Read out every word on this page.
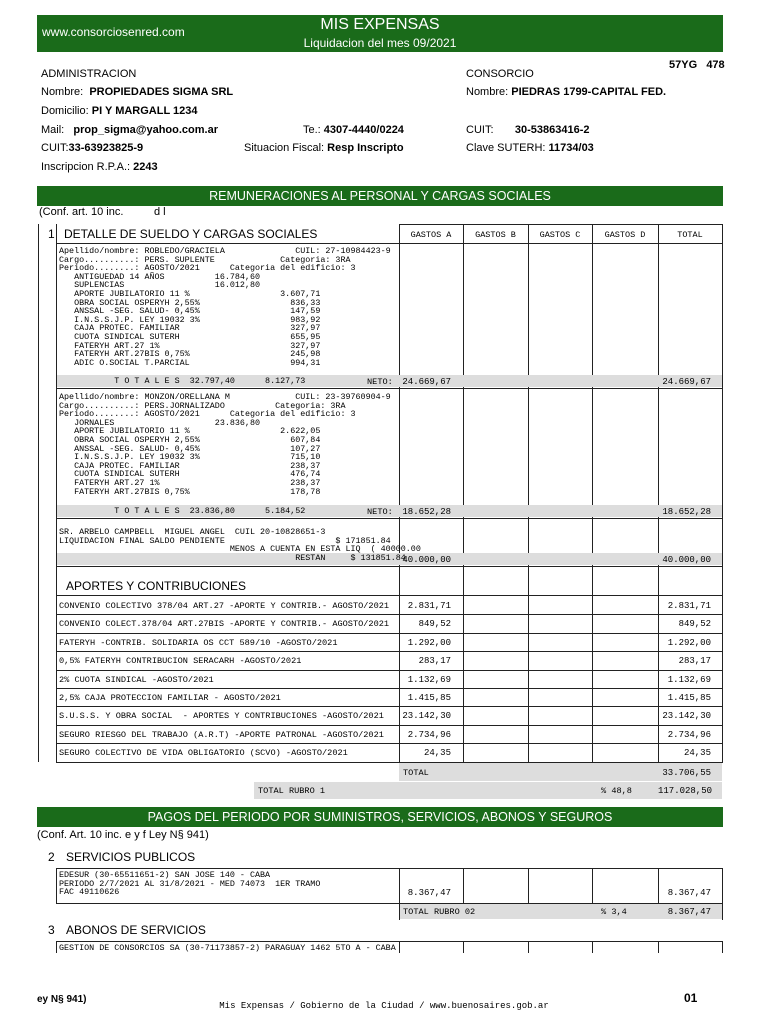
www.consorciosenred.com	MIS EXPENSAS
Liquidacion del mes 09/2021
57YG 478
ADMINISTRACION
Nombre: PROPIEDADES SIGMA SRL
Domicilio: PI Y MARGALL 1234
Mail: prop_sigma@yahoo.com.ar	Te.: 4307-4440/0224
CUIT:33-63923825-9	Situacion Fiscal: Resp Inscripto
Inscripcion R.P.A.: 2243
CONSORCIO
Nombre: PIEDRAS 1799-CAPITAL FED.
CUIT: 30-53863416-2
Clave SUTERH: 11734/03
REMUNERACIONES AL PERSONAL Y CARGAS SOCIALES
(Conf. art. 10 inc.	d l
1 DETALLE DE SUELDO Y CARGAS SOCIALES	GASTOS A	GASTOS B	GASTOS C	GASTOS D	TOTAL
Apellido/nombre: ROBLEDO/GRACIELA              CUIL: 27-10984423-9
Cargo..........: PERS. SUPLENTE             Categoria: 3RA
Periodo........: AGOSTO/2021      Categoria del edificio: 3
ANTIGUEDAD 14 AÑOS          16.784,60
SUPLENCIAS                  16.012,80
APORTE JUBILATORIO 11 %                  3.607,71
OBRA SOCIAL OSPERYH 2,55%                  836,33
ANSSAL -SEG. SALUD- 0,45%                  147,59
I.N.S.S.J.P. LEY 19032 3%                  983,92
CAJA PROTEC. FAMILIAR                      327,97
CUOTA SINDICAL SUTERH                      655,95
FATERYH ART.27 1%                          327,97
FATERYH ART.27BIS 0,75%                    245,98
ADIC O.SOCIAL T.PARCIAL                    994,31
T O T A L E S  32.797,40      8.127,73	NETO:	24.669,67	24.669,67
Apellido/nombre: MONZON/ORELLANA M             CUIL: 23-39760904-9
Cargo..........: PERS.JORNALIZADO          Categoria: 3RA
Periodo........: AGOSTO/2021      Categoria del edificio: 3
JORNALES                    23.836,80
APORTE JUBILATORIO 11 %                  2.622,05
OBRA SOCIAL OSPERYH 2,55%                  607,84
ANSSAL -SEG. SALUD- 0,45%                  107,27
I.N.S.S.J.P. LEY 19032 3%                  715,10
CAJA PROTEC. FAMILIAR                      238,37
CUOTA SINDICAL SUTERH                      476,74
FATERYH ART.27 1%                          238,37
FATERYH ART.27BIS 0,75%                    178,78
T O T A L E S  23.836,80      5.184,52	NETO:	18.652,28	18.652,28
SR. ARBELO CAMPBELL  MIGUEL ANGEL  CUIL 20-10828651-3
LIQUIDACION FINAL SALDO PENDIENTE                      $ 171851.84
MENOS A CUENTA EN ESTA LIQ  ( 40000.00
RESTAN     $ 131851.84
40.000,00	40.000,00
APORTES Y CONTRIBUCIONES
CONVENIO COLECTIVO 378/04 ART.27 -APORTE Y CONTRIB.- AGOSTO/2021	2.831,71	2.831,71
CONVENIO COLECT.378/04 ART.27BIS -APORTE Y CONTRIB.- AGOSTO/2021	849,52	849,52
FATERYH -CONTRIB. SOLIDARIA OS CCT 589/10 -AGOSTO/2021	1.292,00	1.292,00
0,5% FATERYH CONTRIBUCION SERACARH -AGOSTO/2021	283,17	283,17
2% CUOTA SINDICAL -AGOSTO/2021	1.132,69	1.132,69
2,5% CAJA PROTECCION FAMILIAR - AGOSTO/2021	1.415,85	1.415,85
S.U.S.S. Y OBRA SOCIAL  - APORTES Y CONTRIBUCIONES -AGOSTO/2021	23.142,30	23.142,30
SEGURO RIESGO DEL TRABAJO (A.R.T) -APORTE PATRONAL -AGOSTO/2021	2.734,96	2.734,96
SEGURO COLECTIVO DE VIDA OBLIGATORIO (SCVO) -AGOSTO/2021	24,35	24,35
TOTAL	33.706,55
TOTAL RUBRO 1	% 48,8	117.028,50
PAGOS DEL PERIODO POR SUMINISTROS, SERVICIOS, ABONOS Y SEGUROS
(Conf. Art. 10 inc. e y f Ley N§ 941)
2 SERVICIOS PUBLICOS
EDESUR (30-65511651-2) SAN JOSE 140 - CABA
PERIODO 2/7/2021 AL 31/8/2021 - MED 74073  1ER TRAMO
FAC 49110626	8.367,47	8.367,47
TOTAL RUBRO 02	% 3,4	8.367,47
3 ABONOS DE SERVICIOS
GESTION DE CONSORCIOS SA (30-71173857-2) PARAGUAY 1462 5TO A - CABA
ey N§ 941)
Mis Expensas / Gobierno de la Ciudad / www.buenosaires.gob.ar
01
